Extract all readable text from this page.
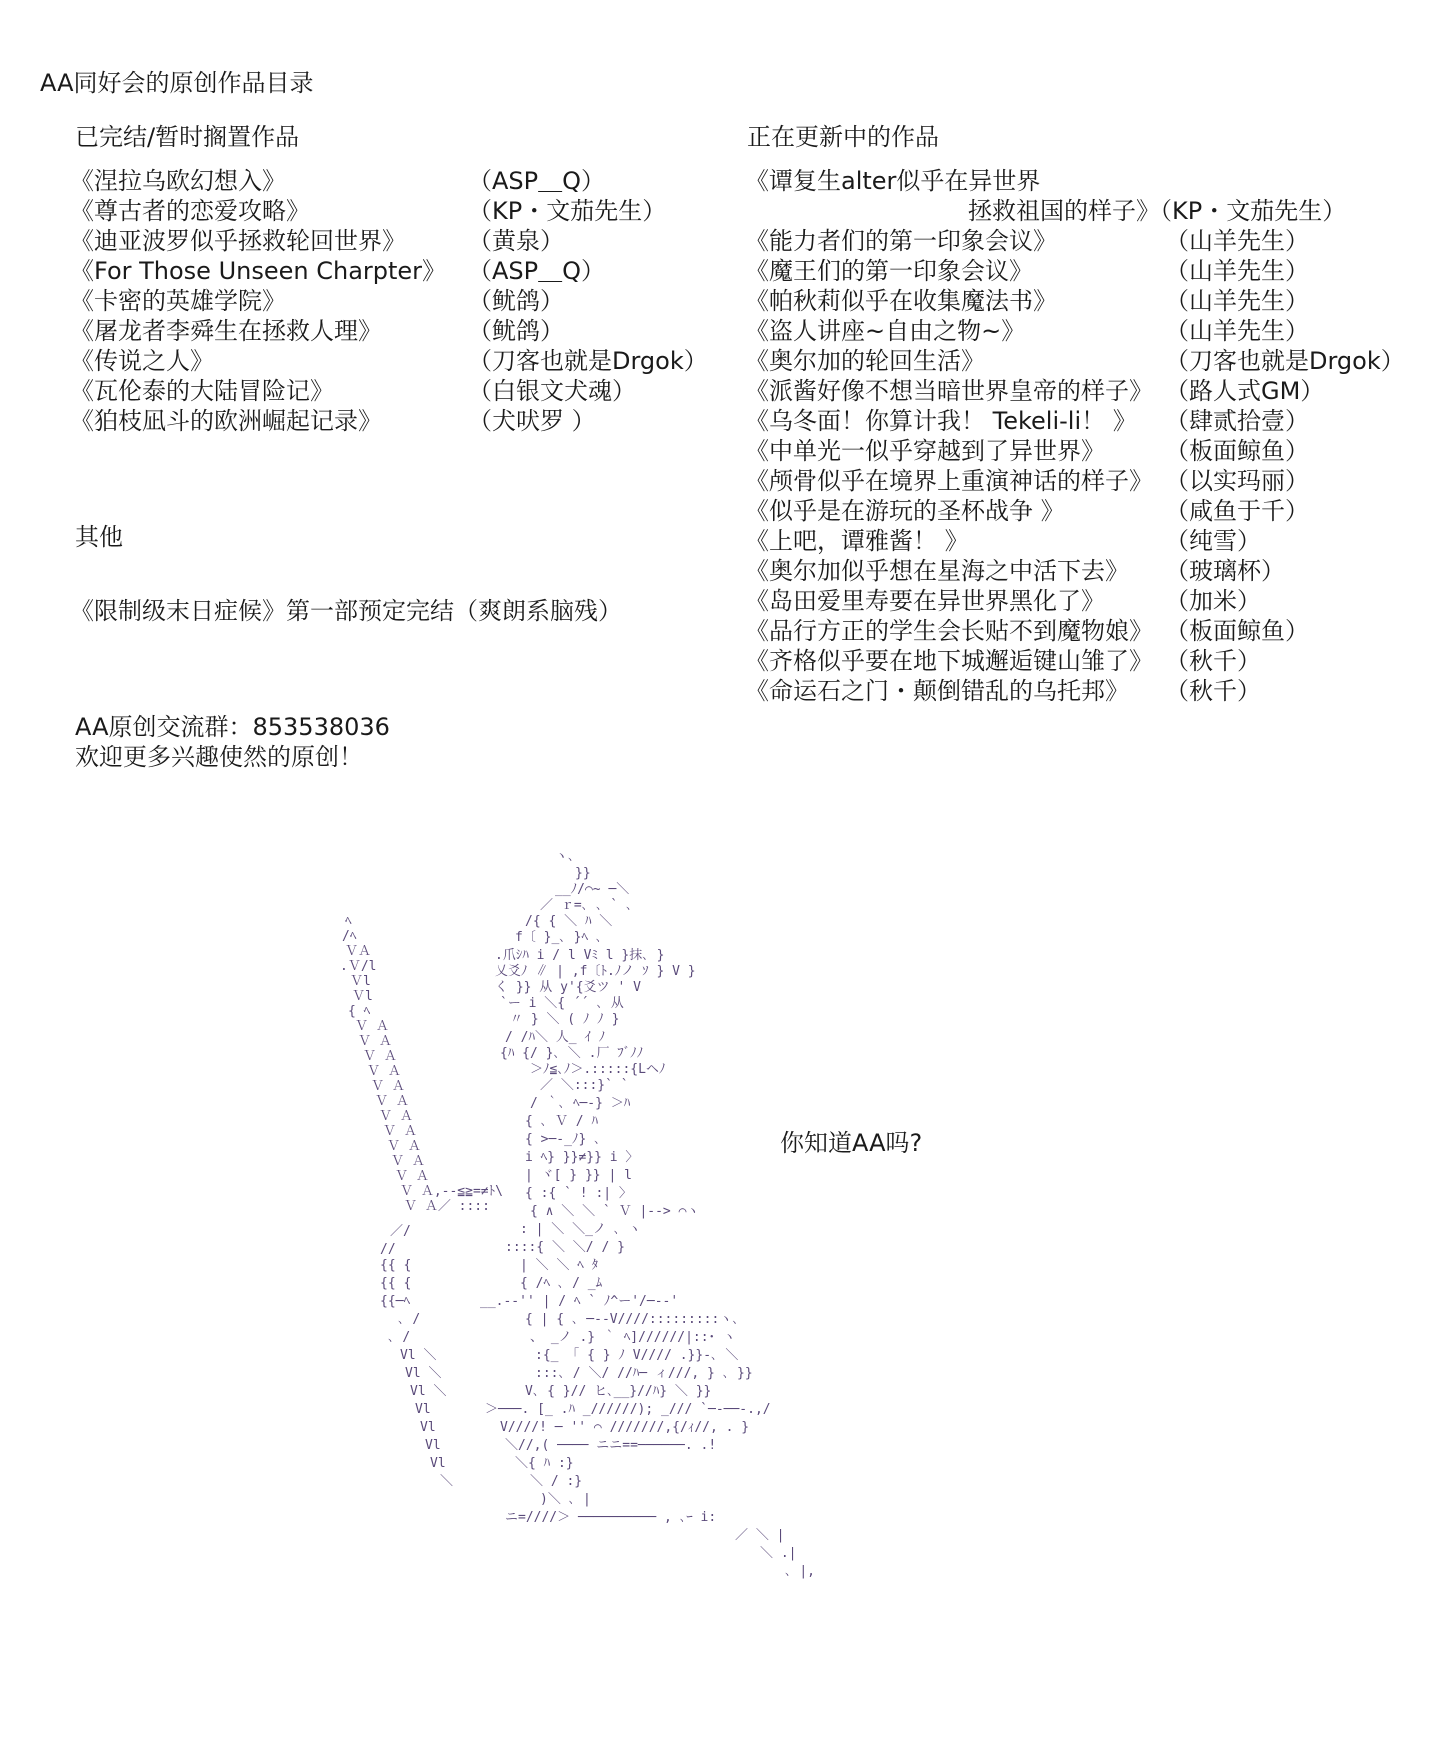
AA同好会的原创作品目录
已完结/暂时搁置作品
《涅拉乌欧幻想入》	（ASP＿Q）
《尊古者的恋爱攻略》	（KP・文茄先生）
《迪亚波罗似乎拯救轮回世界》	（黄泉）
《For Those Unseen Charpter》 （ASP＿Q）
《卡密的英雄学院》	（鱿鸽）
《屠龙者李舜生在拯救人理》	（鱿鸽）
《传说之人》	（刀客也就是Drgok）
《瓦伦泰的大陆冒险记》	（白银文犬魂）
《狛枝凪斗的欧洲崛起记录》	（犬吠罗 ）
正在更新中的作品
《谭复生alter似乎在异世界
拯救祖国的样子》（KP・文茄先生）
《能力者们的第一印象会议》	（山羊先生）
《魔王们的第一印象会议》	（山羊先生）
《帕秋莉似乎在收集魔法书》	（山羊先生）
《盗人讲座~自由之物~》	（山羊先生）
《奥尔加的轮回生活》	（刀客也就是Drgok）
《派酱好像不想当暗世界皇帝的样子》 （路人式GM）
《乌冬面！你算计我！ Tekeli-li！ 》 （肆贰拾壹）
《中单光一似乎穿越到了异世界》	（板面鲸鱼）
《颅骨似乎在境界上重演神话的样子》 （以实玛丽）
《似乎是在游玩的圣杯战争 》	（咸鱼于千）
《上吧，谭雅酱！ 》	（纯雪）
《奥尔加似乎想在星海之中活下去》 （玻璃杯）
《岛田爱里寿要在异世界黑化了》	（加米）
《品行方正的学生会长贴不到魔物娘》 （板面鲸鱼）
《齐格似乎要在地下城邂逅键山雏了》 （秋千）
《命运石之门・颠倒错乱的乌托邦》 （秋千）
其他
《限制级末日症候》第一部预定完结（爽朗系脑残）
AA原创交流群：853538036
欢迎更多兴趣使然的原创！
你知道AA吗?
ﾍ
/ﾍ
ＶＡ
.Ｖ/l
Ｖl
Ｖl
{ ﾍ
Ｖ Ａ
Ｖ Ａ
Ｖ Ａ
Ｖ Ａ
Ｖ Ａ
Ｖ Ａ
Ｖ Ａ
Ｖ Ａ
Ｖ Ａ
Ｖ Ａ
Ｖ Ａ
Ｖ Ａ,--≦≧=≠ﾄ\
Ｖ Ａ／ ::::
ヽ､
}}
__ﾉ/⌒~ ─＼
／ ｒ=､ ､ ` ､
/{ { ＼ ﾊ ＼
f〔 }_､ }ﾍ ､
.爪ｼﾊ i / l Vﾐ l }抹､ }
乂爻ﾉ ∥ | ,f〔ﾄ.ﾉノ ｿ } V }
く }} 从 y'{爻ツ ' V
`ー i ＼{ ´´ ､ 从
〃 } ＼ ( ﾉ ﾉ }
/ /ﾊ＼ 人_ ｲ ﾉ
{ﾊ {/ }､ ＼ .厂 ﾌﾞﾉﾉ
＞ﾉ≦､ﾉ＞.:::::{Lヘﾉ
／ ＼:::}` `
/ ｀､ ﾍ─-} ＞ﾊ
{ ､ Ｖ / ﾊ
{ >─-_ﾉ} ､
i ﾍ} }}≠}} i 〉
| ヾ[ } }} | l
{ :{ ` ! :| 〉
{ ∧ ＼ ＼ ` Ｖ |--> ⌒ヽ
: | ＼ ＼_ノ ､ ヽ
::::{ ＼ ＼/ / }
| ＼ ＼ ﾍ ﾀ
{ /ﾍ ､ / _ﾑ
__.--'' | / ﾍ ` ﾉ^ー'/─--'
{ | { ､ ─--V////:::::::::ヽ､
、 _ノ .} ｀ ﾍ]//////|::･ ヽ
:{_ 「 { } ﾉ V//// .}}-､ ＼
:::､ / ＼/ //ﾊ─ ィ///, } ､ }}
V､ { }// ヒ､__}//ﾊ} ＼ }}
＞───. [_ .ﾊ _//////); _/// `─-──-.,/
V////! ─ '' ⌒ ///////,{/ｨ//, . }
＼//,( ──── ニニ==──────. .!
＼{ ﾊ :}
＼ / :}
)＼ ､ |
ニ=////＞ ────────── , ､ｰ i:
／ ＼ |
＼ .|
､ |,
／/
//
{{ {
{{ {
{{─ﾍ
､ /
､ /
Vl ＼
Vl ＼
Vl ＼
Vl
Vl
Vl
Vl
＼
